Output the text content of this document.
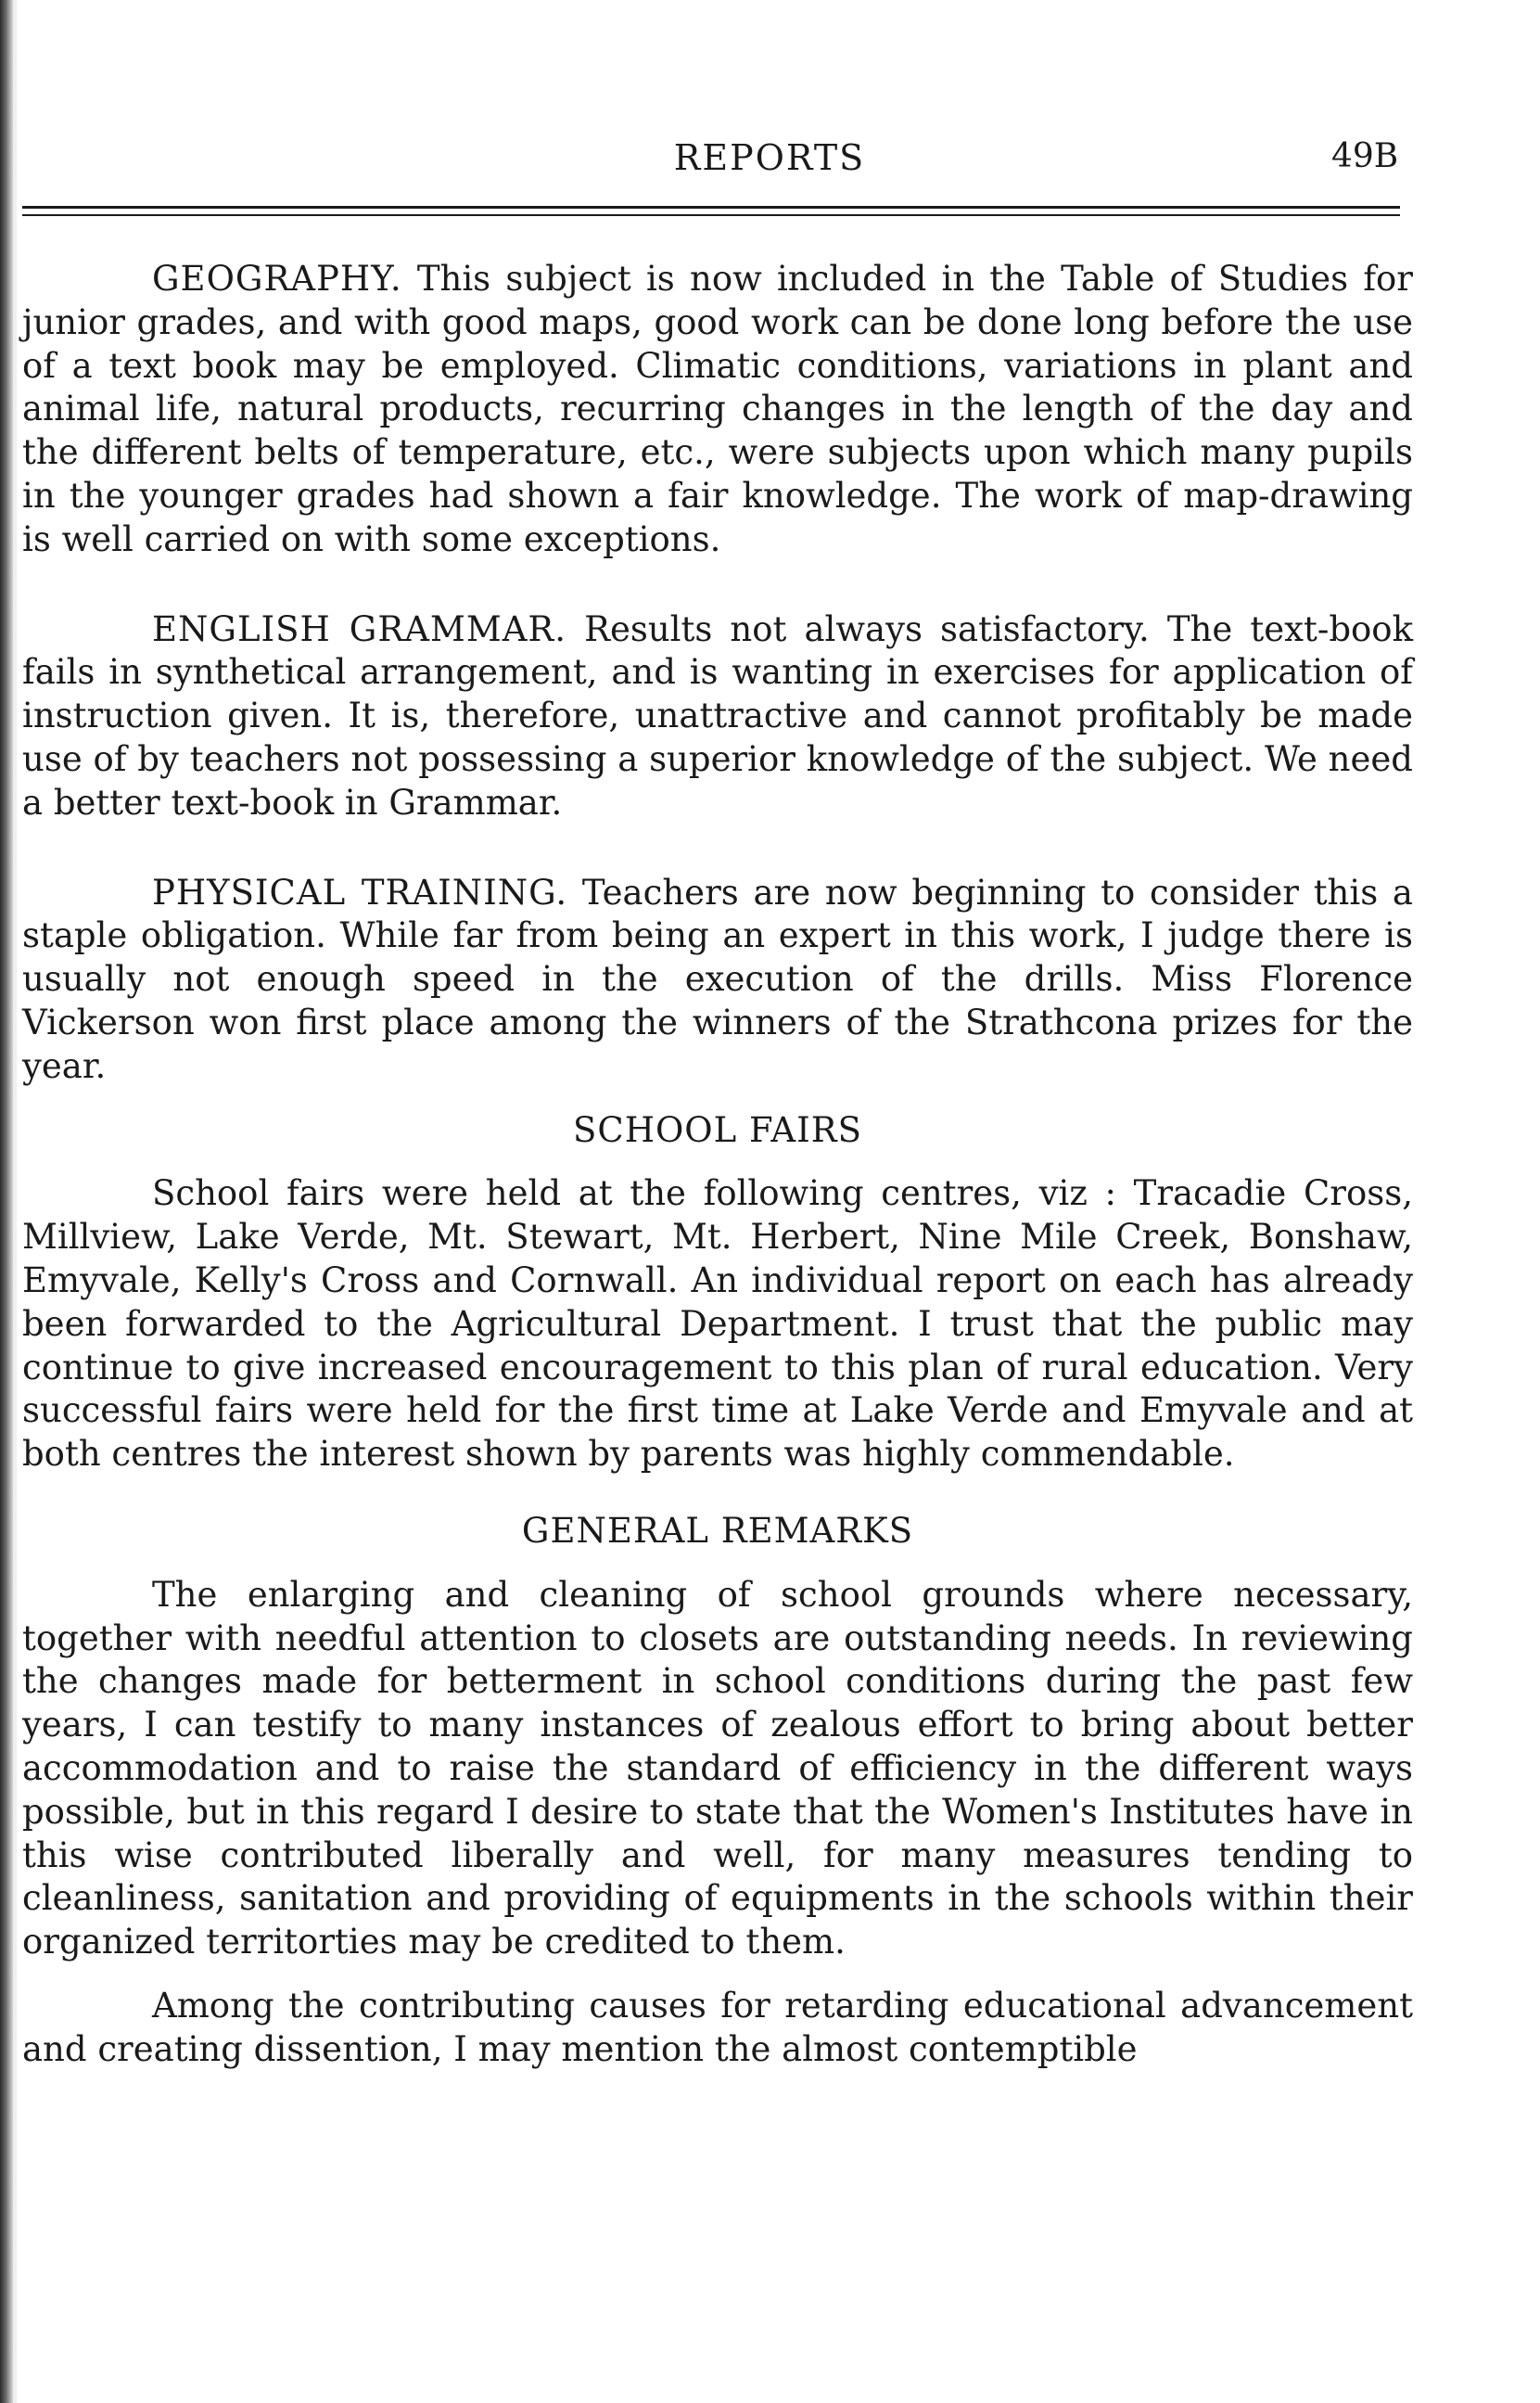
REPORTS	49B

GEOGRAPHY. This subject is now included in the Table of Studies for junior grades, and with good maps, good work can be done long before the use of a text book may be employed. Climatic conditions, variations in plant and animal life, natural products, recurring changes in the length of the day and the different belts of temperature, etc., were subjects upon which many pupils in the younger grades had shown a fair knowledge. The work of map-drawing is well carried on with some exceptions.

ENGLISH GRAMMAR. Results not always satisfactory. The text-book fails in synthetical arrangement, and is wanting in exercises for application of instruction given. It is, therefore, unattractive and cannot profitably be made use of by teachers not possessing a superior knowledge of the subject. We need a better text-book in Grammar.

PHYSICAL TRAINING. Teachers are now beginning to consider this a staple obligation. While far from being an expert in this work, I judge there is usually not enough speed in the execution of the drills. Miss Florence Vickerson won first place among the winners of the Strathcona prizes for the year.

SCHOOL FAIRS

School fairs were held at the following centres, viz : Tracadie Cross, Millview, Lake Verde, Mt. Stewart, Mt. Herbert, Nine Mile Creek, Bonshaw, Emyvale, Kelly's Cross and Cornwall. An individual report on each has already been forwarded to the Agricultural Department. I trust that the public may continue to give increased encouragement to this plan of rural education. Very successful fairs were held for the first time at Lake Verde and Emyvale and at both centres the interest shown by parents was highly commendable.

GENERAL REMARKS

The enlarging and cleaning of school grounds where necessary, together with needful attention to closets are outstanding needs. In reviewing the changes made for betterment in school conditions during the past few years, I can testify to many instances of zealous effort to bring about better accommodation and to raise the standard of efficiency in the different ways possible, but in this regard I desire to state that the Women's Institutes have in this wise contributed liberally and well, for many measures tending to cleanliness, sanitation and providing of equipments in the schools within their organized territorties may be credited to them.

Among the contributing causes for retarding educational advancement and creating dissention, I may mention the almost contemptible
